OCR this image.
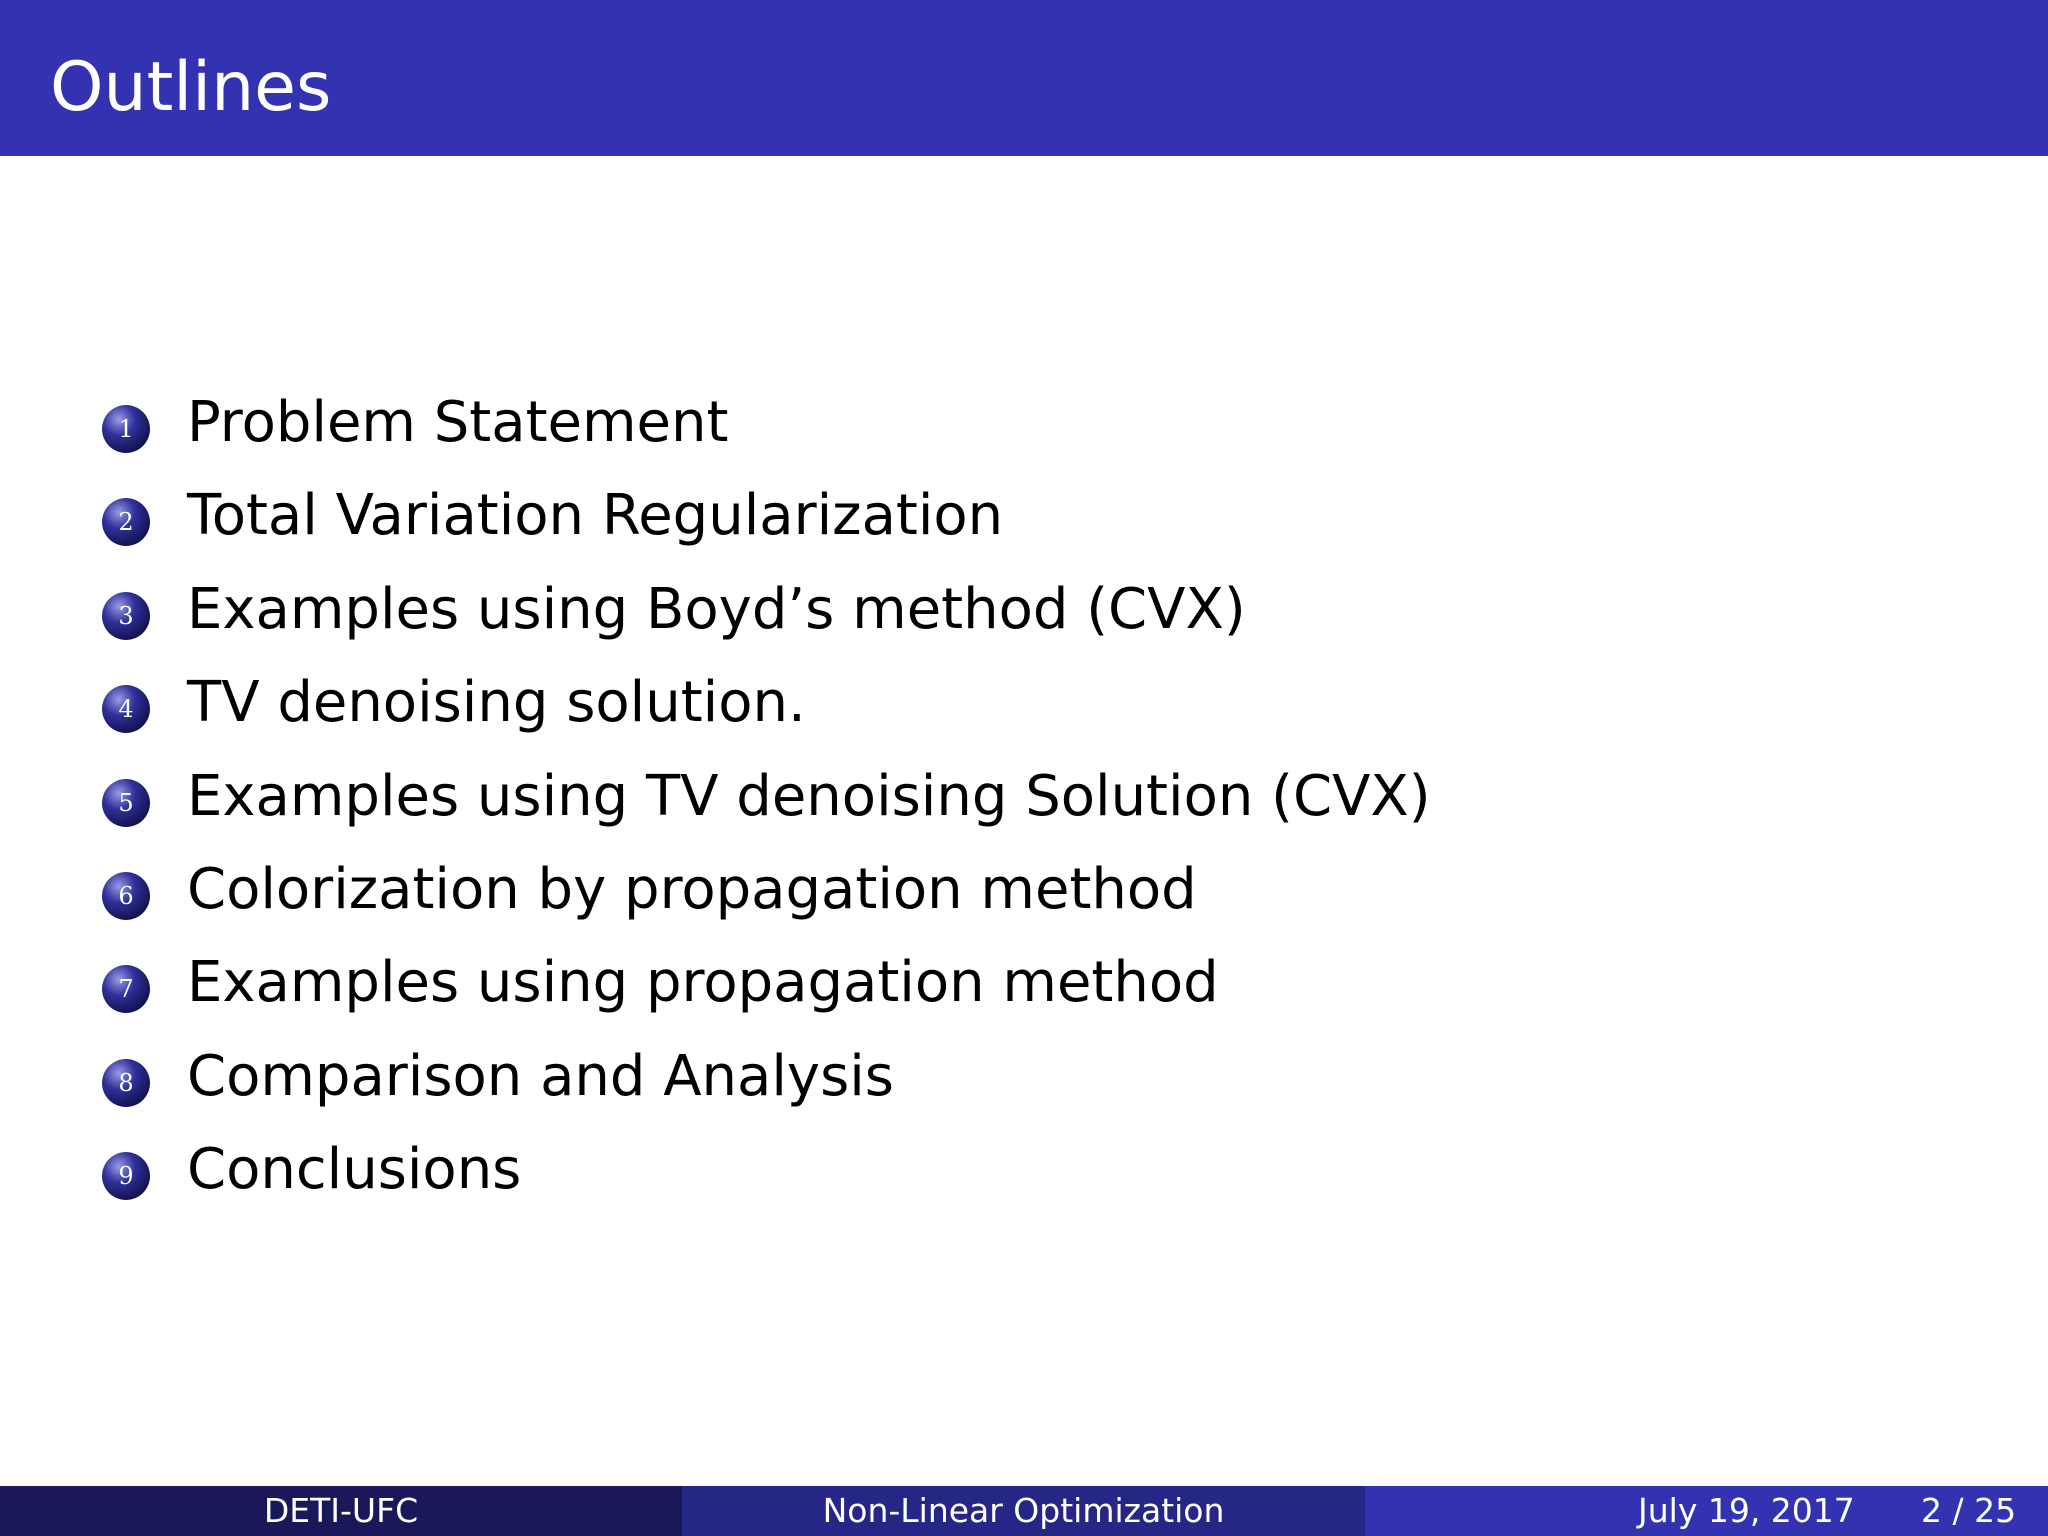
Outlines
1 Problem Statement
2 Total Variation Regularization
3 Examples using Boyd’s method (CVX)
4 TV denoising solution.
5 Examples using TV denoising Solution (CVX)
6 Colorization by propagation method
7 Examples using propagation method
8 Comparison and Analysis
9 Conclusions
DETI-UFC	Non-Linear Optimization	July 19, 2017 2 / 25
